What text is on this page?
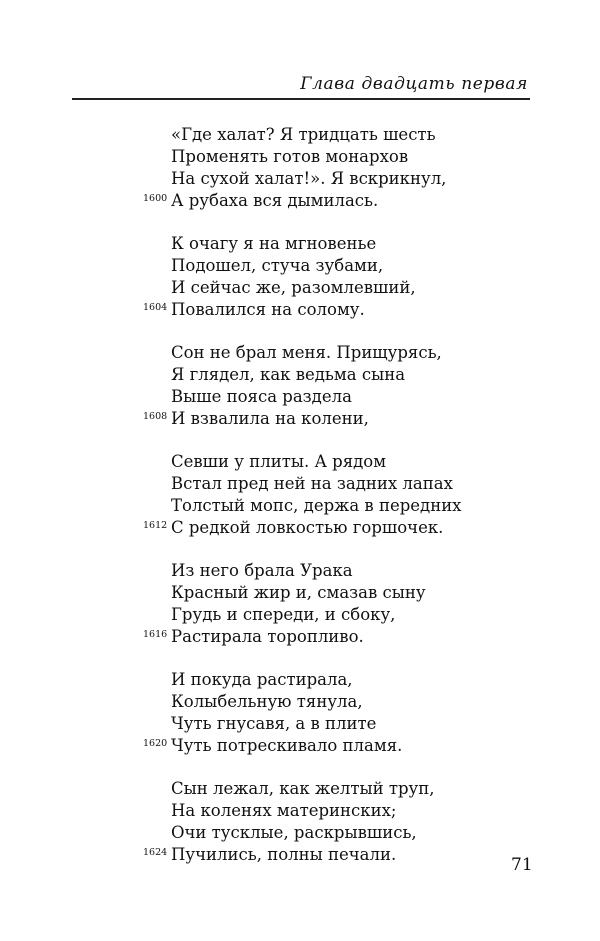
Глава двадцать первая
«Где халат? Я тридцать шесть
Променять готов монархов
На сухой халат!». Я вскрикнул,
1600 А рубаха вся дымилась.
К очагу я на мгновенье
Подошел, стуча зубами,
И сейчас же, разомлевший,
1604 Повалился на солому.
Сон не брал меня. Прищурясь,
Я глядел, как ведьма сына
Выше пояса раздела
1608 И взвалила на колени,
Севши у плиты. А рядом
Встал пред ней на задних лапах
Толстый мопс, держа в передних
1612 С редкой ловкостью горшочек.
Из него брала Урака
Красный жир и, смазав сыну
Грудь и спереди, и сбоку,
1616 Растирала торопливо.
И покуда растирала,
Колыбельную тянула,
Чуть гнусавя, а в плите
1620 Чуть потрескивало пламя.
Сын лежал, как желтый труп,
На коленях материнских;
Очи тусклые, раскрывшись,
1624 Пучились, полны печали.
71
